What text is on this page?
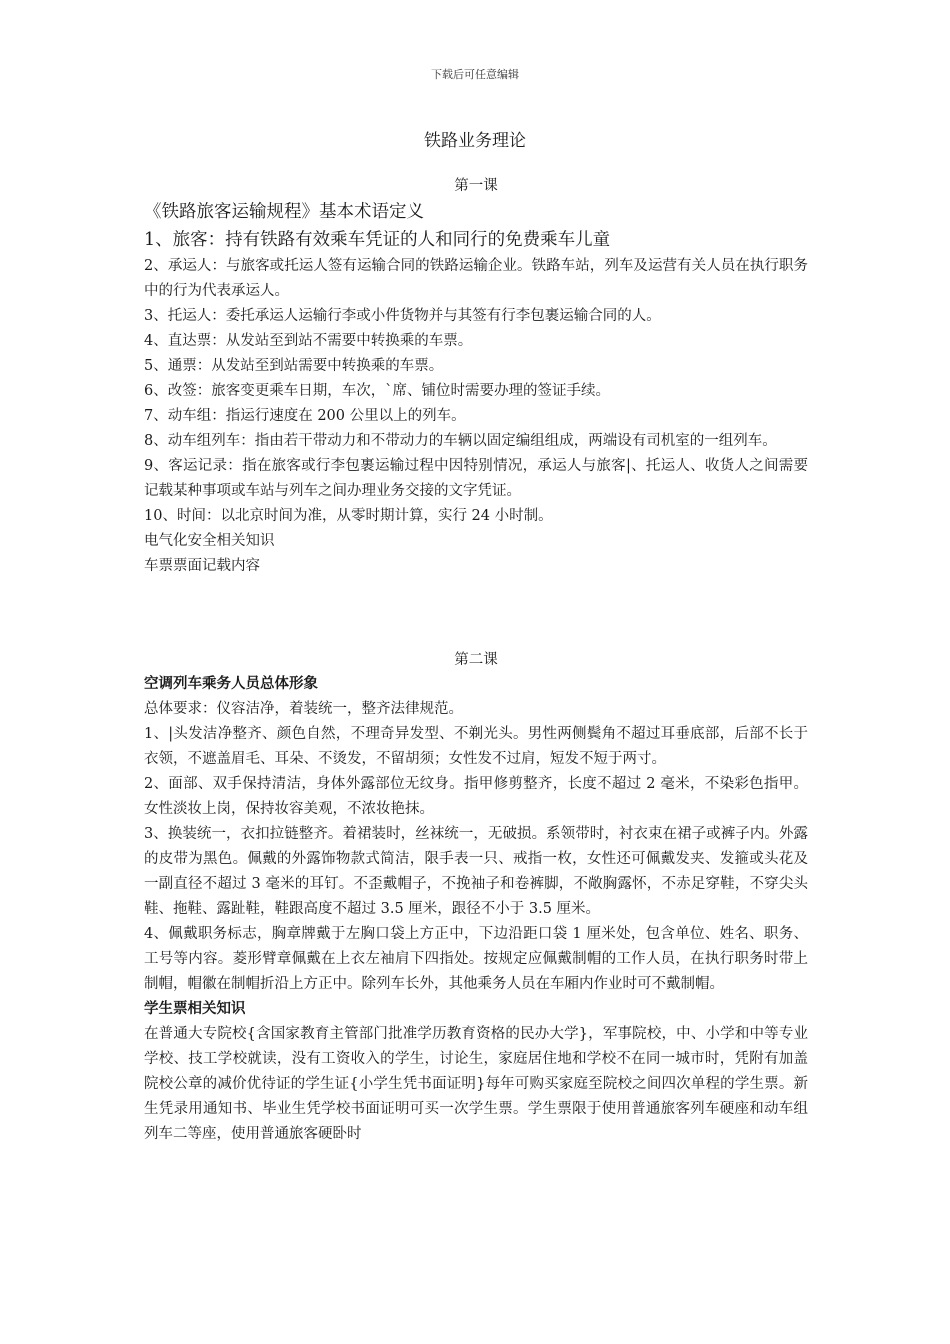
下载后可任意编辑
铁路业务理论
第一课

《铁路旅客运输规程》基本术语定义

1、旅客：持有铁路有效乘车凭证的人和同行的免费乘车儿童

2、承运人：与旅客或托运人签有运输合同的铁路运输企业。铁路车站，列车及运营有关人员在执行职务中的行为代表承运人。

3、托运人：委托承运人运输行李或小件货物并与其签有行李包裹运输合同的人。

4、直达票：从发站至到站不需要中转换乘的车票。

5、通票：从发站至到站需要中转换乘的车票。

6、改签：旅客变更乘车日期，车次，`席、铺位时需要办理的签证手续。

7、动车组：指运行速度在 200 公里以上的列车。

8、动车组列车：指由若干带动力和不带动力的车辆以固定编组组成，两端设有司机室的一组列车。

9、客运记录：指在旅客或行李包裹运输过程中因特别情况，承运人与旅客|、托运人、收货人之间需要记载某种事项或车站与列车之间办理业务交接的文字凭证。

10、时间：以北京时间为准，从零时期计算，实行 24 小时制。

电气化安全相关知识

车票票面记载内容

第二课

空调列车乘务人员总体形象

总体要求：仪容洁净，着装统一，整齐法律规范。

1、|头发洁净整齐、颜色自然，不理奇异发型、不剃光头。男性两侧鬓角不超过耳垂底部，后部不长于衣领，不遮盖眉毛、耳朵、不烫发，不留胡须；女性发不过肩，短发不短于两寸。

2、面部、双手保持清洁，身体外露部位无纹身。指甲修剪整齐，长度不超过 2 毫米，不染彩色指甲。女性淡妆上岗，保持妆容美观，不浓妆艳抹。

3、换装统一，衣扣拉链整齐。着裙装时，丝袜统一，无破损。系领带时，衬衣束在裙子或裤子内。外露的皮带为黑色。佩戴的外露饰物款式简洁，限手表一只、戒指一枚，女性还可佩戴发夹、发箍或头花及一副直径不超过 3 毫米的耳钉。不歪戴帽子，不挽袖子和卷裤脚，不敞胸露怀，不赤足穿鞋，不穿尖头鞋、拖鞋、露趾鞋，鞋跟高度不超过 3.5 厘米，跟径不小于 3.5 厘米。

4、佩戴职务标志，胸章牌戴于左胸口袋上方正中，下边沿距口袋 1 厘米处，包含单位、姓名、职务、工号等内容。菱形臂章佩戴在上衣左袖肩下四指处。按规定应佩戴制帽的工作人员，在执行职务时带上制帽，帽徽在制帽折沿上方正中。除列车长外，其他乘务人员在车厢内作业时可不戴制帽。

学生票相关知识

在普通大专院校{含国家教育主管部门批准学历教育资格的民办大学}，军事院校，中、小学和中等专业学校、技工学校就读，没有工资收入的学生，讨论生，家庭居住地和学校不在同一城市时，凭附有加盖院校公章的减价优待证的学生证{小学生凭书面证明}每年可购买家庭至院校之间四次单程的学生票。新生凭录用通知书、毕业生凭学校书面证明可买一次学生票。学生票限于使用普通旅客列车硬座和动车组列车二等座，使用普通旅客硬卧时
